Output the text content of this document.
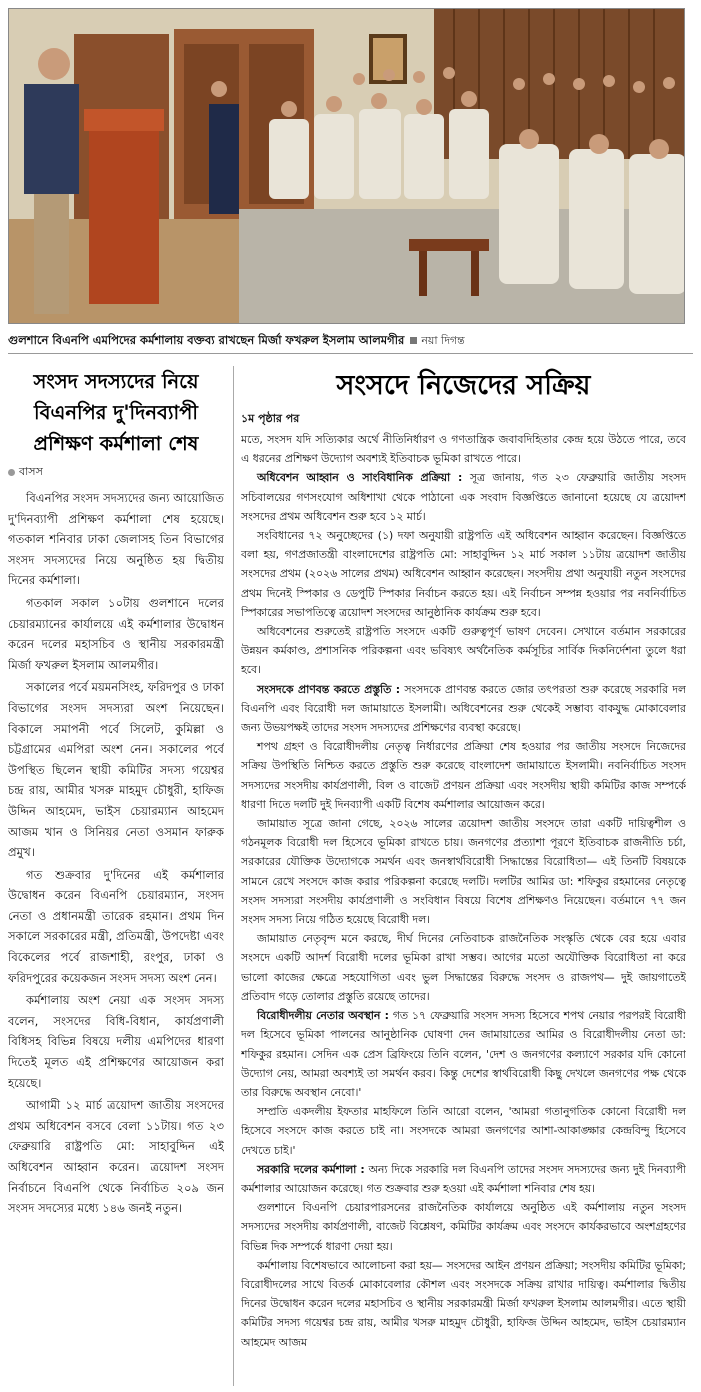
গুলশানে বিএনপি এমপিদের কর্মশালায় বক্তব্য রাখছেন মির্জা ফখরুল ইসলাম আলমগীর নয়া দিগন্ত
সংসদ সদস্যদের নিয়ে
বিএনপির দু'দিনব্যাপী
প্রশিক্ষণ কর্মশালা শেষ
বাসস

বিএনপির সংসদ সদস্যদের জন্য আয়োজিত দু'দিনব্যাপী প্রশিক্ষণ কর্মশালা শেষ হয়েছে। গতকাল শনিবার ঢাকা জেলাসহ তিন বিভাগের সংসদ সদস্যদের নিয়ে অনুষ্ঠিত হয় দ্বিতীয় দিনের কর্মশালা।

গতকাল সকাল ১০টায় গুলশানে দলের চেয়ারম্যানের কার্যালয়ে এই কর্মশালার উদ্বোধন করেন দলের মহাসচিব ও স্থানীয় সরকারমন্ত্রী মির্জা ফখরুল ইসলাম আলমগীর।

সকালের পর্বে ময়মনসিংহ, ফরিদপুর ও ঢাকা বিভাগের সংসদ সদস্যরা অংশ নিয়েছেন। বিকালে সমাপনী পর্বে সিলেট, কুমিল্লা ও চট্টগ্রামের এমপিরা অংশ নেন। সকালের পর্বে উপস্থিত ছিলেন স্থায়ী কমিটির সদস্য গয়েশ্বর চন্দ্র রায়, আমীর খসরু মাহমুদ চৌধুরী, হাফিজ উদ্দিন আহমেদ, ভাইস চেয়ারম্যান আহমেদ আজম খান ও সিনিয়র নেতা ওসমান ফারুক প্রমুখ।

গত শুক্রবার দু'দিনের এই কর্মশালার উদ্বোধন করেন বিএনপি চেয়ারম্যান, সংসদ নেতা ও প্রধানমন্ত্রী তারেক রহমান। প্রথম দিন সকালে সরকারের মন্ত্রী, প্রতিমন্ত্রী, উপদেষ্টা এবং বিকেলের পর্বে রাজশাহী, রংপুর, ঢাকা ও ফরিদপুরের কয়েকজন সংসদ সদস্য অংশ নেন।

কর্মশালায় অংশ নেয়া এক সংসদ সদস্য বলেন, সংসদের বিধি-বিধান, কার্যপ্রণালী বিধিসহ বিভিন্ন বিষয়ে দলীয় এমপিদের ধারণা দিতেই মূলত এই প্রশিক্ষণের আয়োজন করা হয়েছে।

আগামী ১২ মার্চ ত্রয়োদশ জাতীয় সংসদের প্রথম অধিবেশন বসবে বেলা ১১টায়। গত ২৩ ফেব্রুয়ারি রাষ্ট্রপতি মো: সাহাবুদ্দিন এই অধিবেশন আহ্বান করেন। ত্রয়োদশ সংসদ নির্বাচনে বিএনপি থেকে নির্বাচিত ২০৯ জন সংসদ সদস্যের মধ্যে ১৪৬ জনই নতুন।

সংসদে নিজেদের সক্রিয়
১ম পৃষ্ঠার পর

মতে, সংসদ যদি সত্যিকার অর্থে নীতিনির্ধারণ ও গণতান্ত্রিক জবাবদিহিতার কেন্দ্র হয়ে উঠতে পারে, তবে এ ধরনের প্রশিক্ষণ উদ্যোগ অবশ্যই ইতিবাচক ভূমিকা রাখতে পারে।

অধিবেশন আহ্বান ও সাংবিধানিক প্রক্রিয়া : সূত্র জানায়, গত ২৩ ফেব্রুয়ারি জাতীয় সংসদ সচিবালয়ের গণসংযোগ অধিশাখা থেকে পাঠানো এক সংবাদ বিজ্ঞপ্তিতে জানানো হয়েছে যে ত্রয়োদশ সংসদের প্রথম অধিবেশন শুরু হবে ১২ মার্চ।

সংবিধানের ৭২ অনুচ্ছেদের (১) দফা অনুযায়ী রাষ্ট্রপতি এই অধিবেশন আহ্বান করেছেন। বিজ্ঞপ্তিতে বলা হয়, গণপ্রজাতন্ত্রী বাংলাদেশের রাষ্ট্রপতি মো: সাহাবুদ্দিন ১২ মার্চ সকাল ১১টায় ত্রয়োদশ জাতীয় সংসদের প্রথম (২০২৬ সালের প্রথম) অধিবেশন আহ্বান করেছেন। সংসদীয় প্রথা অনুযায়ী নতুন সংসদের প্রথম দিনেই স্পিকার ও ডেপুটি স্পিকার নির্বাচন করতে হয়। এই নির্বাচন সম্পন্ন হওয়ার পর নবনির্বাচিত স্পিকারের সভাপতিত্বে ত্রয়োদশ সংসদের আনুষ্ঠানিক কার্যক্রম শুরু হবে।

অধিবেশনের শুরুতেই রাষ্ট্রপতি সংসদে একটি গুরুত্বপূর্ণ ভাষণ দেবেন। সেখানে বর্তমান সরকারের উন্নয়ন কর্মকাণ্ড, প্রশাসনিক পরিকল্পনা এবং ভবিষ্যৎ অর্থনৈতিক কর্মসূচির সার্বিক দিকনির্দেশনা তুলে ধরা হবে।

সংসদকে প্রাণবন্ত করতে প্রস্তুতি : সংসদকে প্রাণবন্ত করতে জোর তৎপরতা শুরু করেছে সরকারি দল বিএনপি এবং বিরোধী দল জামায়াতে ইসলামী। অধিবেশনের শুরু থেকেই সম্ভাব্য বাকযুদ্ধ মোকাবেলার জন্য উভয়পক্ষই তাদের সংসদ সদস্যদের প্রশিক্ষণের ব্যবস্থা করেছে।

শপথ গ্রহণ ও বিরোধীদলীয় নেতৃত্ব নির্ধারণের প্রক্রিয়া শেষ হওয়ার পর জাতীয় সংসদে নিজেদের সক্রিয় উপস্থিতি নিশ্চিত করতে প্রস্তুতি শুরু করেছে বাংলাদেশ জামায়াতে ইসলামী। নবনির্বাচিত সংসদ সদস্যদের সংসদীয় কার্যপ্রণালী, বিল ও বাজেট প্রণয়ন প্রক্রিয়া এবং সংসদীয় স্থায়ী কমিটির কাজ সম্পর্কে ধারণা দিতে দলটি দুই দিনব্যাপী একটি বিশেষ কর্মশালার আয়োজন করে।

জামায়াত সূত্রে জানা গেছে, ২০২৬ সালের ত্রয়োদশ জাতীয় সংসদে তারা একটি দায়িত্বশীল ও গঠনমূলক বিরোধী দল হিসেবে ভূমিকা রাখতে চায়। জনগণের প্রত্যাশা পূরণে ইতিবাচক রাজনীতি চর্চা, সরকারের যৌক্তিক উদ্যোগকে সমর্থন এবং জনস্বার্থবিরোধী সিদ্ধান্তের বিরোধিতা— এই তিনটি বিষয়কে সামনে রেখে সংসদে কাজ করার পরিকল্পনা করেছে দলটি। দলটির আমির ডা: শফিকুর রহমানের নেতৃত্বে সংসদ সদস্যরা সংসদীয় কার্যপ্রণালী ও সংবিধান বিষয়ে বিশেষ প্রশিক্ষণও নিয়েছেন। বর্তমানে ৭৭ জন সংসদ সদস্য নিয়ে গঠিত হয়েছে বিরোধী দল।

জামায়াত নেতৃবৃন্দ মনে করছে, দীর্ঘ দিনের নেতিবাচক রাজনৈতিক সংস্কৃতি থেকে বের হয়ে এবার সংসদে একটি আদর্শ বিরোধী দলের ভূমিকা রাখা সম্ভব। আগের মতো অযৌক্তিক বিরোধিতা না করে ভালো কাজের ক্ষেত্রে সহযোগিতা এবং ভুল সিদ্ধান্তের বিরুদ্ধে সংসদ ও রাজপথ— দুই জায়গাতেই প্রতিবাদ গড়ে তোলার প্রস্তুতি রয়েছে তাদের।

বিরোধীদলীয় নেতার অবস্থান : গত ১৭ ফেব্রুয়ারি সংসদ সদস্য হিসেবে শপথ নেয়ার পরপরই বিরোধী দল হিসেবে ভূমিকা পালনের আনুষ্ঠানিক ঘোষণা দেন জামায়াতের আমির ও বিরোধীদলীয় নেতা ডা: শফিকুর রহমান। সেদিন এক প্রেস ব্রিফিংয়ে তিনি বলেন, 'দেশ ও জনগণের কল্যাণে সরকার যদি কোনো উদ্যোগ নেয়, আমরা অবশ্যই তা সমর্থন করব। কিন্তু দেশের স্বার্থবিরোধী কিছু দেখলে জনগণের পক্ষ থেকে তার বিরুদ্ধে অবস্থান নেবো।'

সম্প্রতি একদলীয় ইফতার মাহফিলে তিনি আরো বলেন, 'আমরা গতানুগতিক কোনো বিরোধী দল হিসেবে সংসদে কাজ করতে চাই না। সংসদকে আমরা জনগণের আশা-আকাঙ্ক্ষার কেন্দ্রবিন্দু হিসেবে দেখতে চাই।'

সরকারি দলের কর্মশালা : অন্য দিকে সরকারি দল বিএনপি তাদের সংসদ সদস্যদের জন্য দুই দিনব্যাপী কর্মশালার আয়োজন করেছে। গত শুক্রবার শুরু হওয়া এই কর্মশালা শনিবার শেষ হয়।

গুলশানে বিএনপি চেয়ারপারসনের রাজনৈতিক কার্যালয়ে অনুষ্ঠিত এই কর্মশালায় নতুন সংসদ সদস্যদের সংসদীয় কার্যপ্রণালী, বাজেট বিশ্লেষণ, কমিটির কার্যক্রম এবং সংসদে কার্যকরভাবে অংশগ্রহণের বিভিন্ন দিক সম্পর্কে ধারণা দেয়া হয়।

কর্মশালায় বিশেষভাবে আলোচনা করা হয়— সংসদের আইন প্রণয়ন প্রক্রিয়া; সংসদীয় কমিটির ভূমিকা; বিরোধীদলের সাথে বিতর্ক মোকাবেলার কৌশল এবং সংসদকে সক্রিয় রাখার দায়িত্ব। কর্মশালার দ্বিতীয় দিনের উদ্বোধন করেন দলের মহাসচিব ও স্থানীয় সরকারমন্ত্রী মির্জা ফখরুল ইসলাম আলমগীর। এতে স্থায়ী কমিটির সদস্য গয়েশ্বর চন্দ্র রায়, আমীর খসরু মাহমুদ চৌধুরী, হাফিজ উদ্দিন আহমেদ, ভাইস চেয়ারম্যান আহমেদ আজম
